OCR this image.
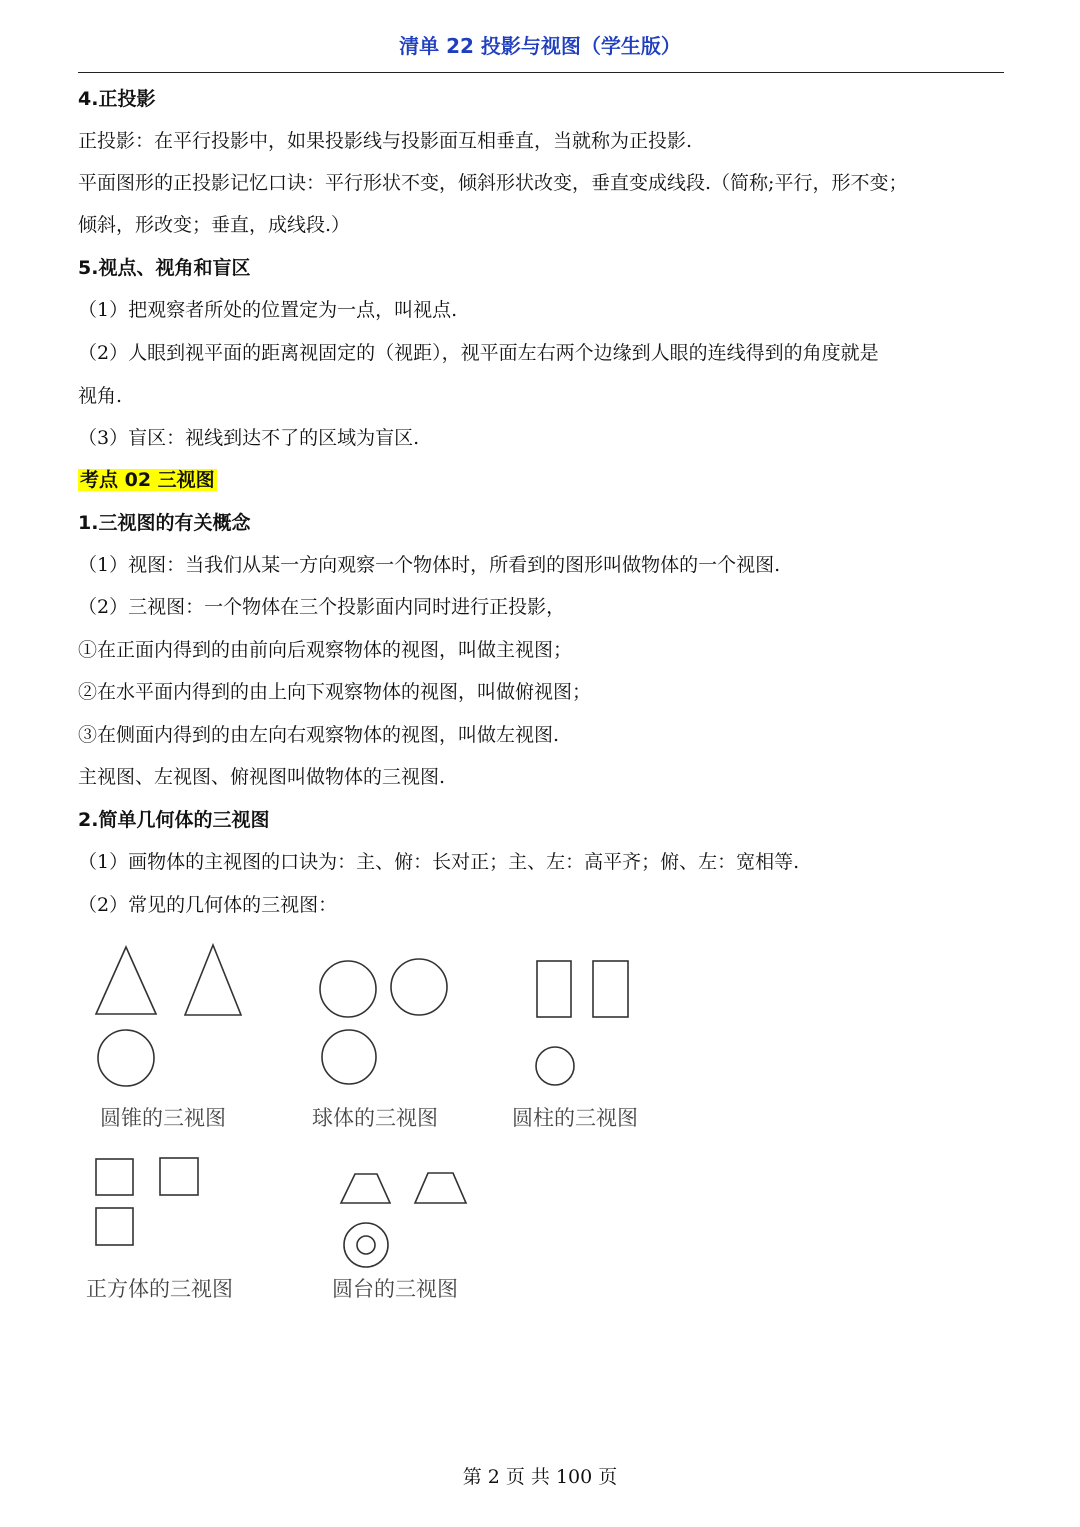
清单 22 投影与视图（学生版）
4.正投影
正投影：在平行投影中，如果投影线与投影面互相垂直，当就称为正投影.
平面图形的正投影记忆口诀：平行形状不变，倾斜形状改变，垂直变成线段.（简称;平行，形不变；
倾斜，形改变；垂直，成线段.）
5.视点、视角和盲区
（1）把观察者所处的位置定为一点，叫视点.
（2）人眼到视平面的距离视固定的（视距），视平面左右两个边缘到人眼的连线得到的角度就是
视角.
（3）盲区：视线到达不了的区域为盲区.
考点 02 三视图
1.三视图的有关概念
（1）视图：当我们从某一方向观察一个物体时，所看到的图形叫做物体的一个视图.
（2）三视图：一个物体在三个投影面内同时进行正投影，
①在正面内得到的由前向后观察物体的视图，叫做主视图；
②在水平面内得到的由上向下观察物体的视图，叫做俯视图；
③在侧面内得到的由左向右观察物体的视图，叫做左视图.
主视图、左视图、俯视图叫做物体的三视图.
2.简单几何体的三视图
（1）画物体的主视图的口诀为：主、俯：长对正；主、左：高平齐；俯、左：宽相等.
（2）常见的几何体的三视图：
圆锥的三视图	球体的三视图	圆柱的三视图
正方体的三视图	圆台的三视图
第 2 页 共 100 页
